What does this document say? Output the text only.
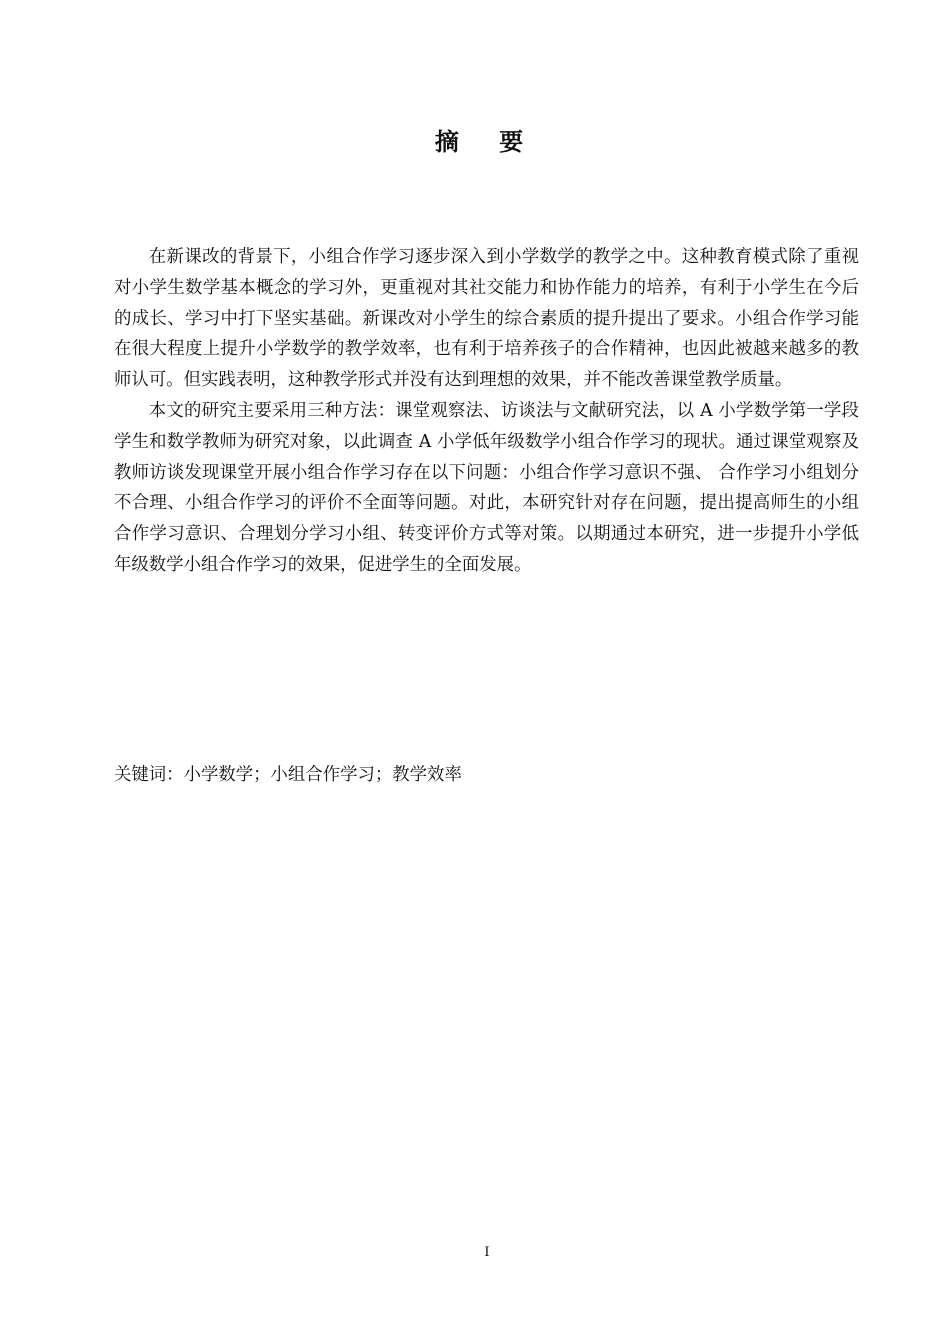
摘 要

在新课改的背景下，小组合作学习逐步深入到小学数学的教学之中。这种教育模式除了重视对小学生数学基本概念的学习外，更重视对其社交能力和协作能力的培养，有利于小学生在今后的成长、学习中打下坚实基础。新课改对小学生的综合素质的提升提出了要求。小组合作学习能在很大程度上提升小学数学的教学效率，也有利于培养孩子的合作精神，也因此被越来越多的教师认可。但实践表明，这种教学形式并没有达到理想的效果，并不能改善课堂教学质量。

本文的研究主要采用三种方法：课堂观察法、访谈法与文献研究法，以 A 小学数学第一学段学生和数学教师为研究对象，以此调查 A 小学低年级数学小组合作学习的现状。通过课堂观察及教师访谈发现课堂开展小组合作学习存在以下问题：小组合作学习意识不强、 合作学习小组划分不合理、小组合作学习的评价不全面等问题。对此，本研究针对存在问题，提出提高师生的小组合作学习意识、合理划分学习小组、转变评价方式等对策。以期通过本研究，进一步提升小学低年级数学小组合作学习的效果，促进学生的全面发展。

关键词：小学数学；小组合作学习；教学效率

I
